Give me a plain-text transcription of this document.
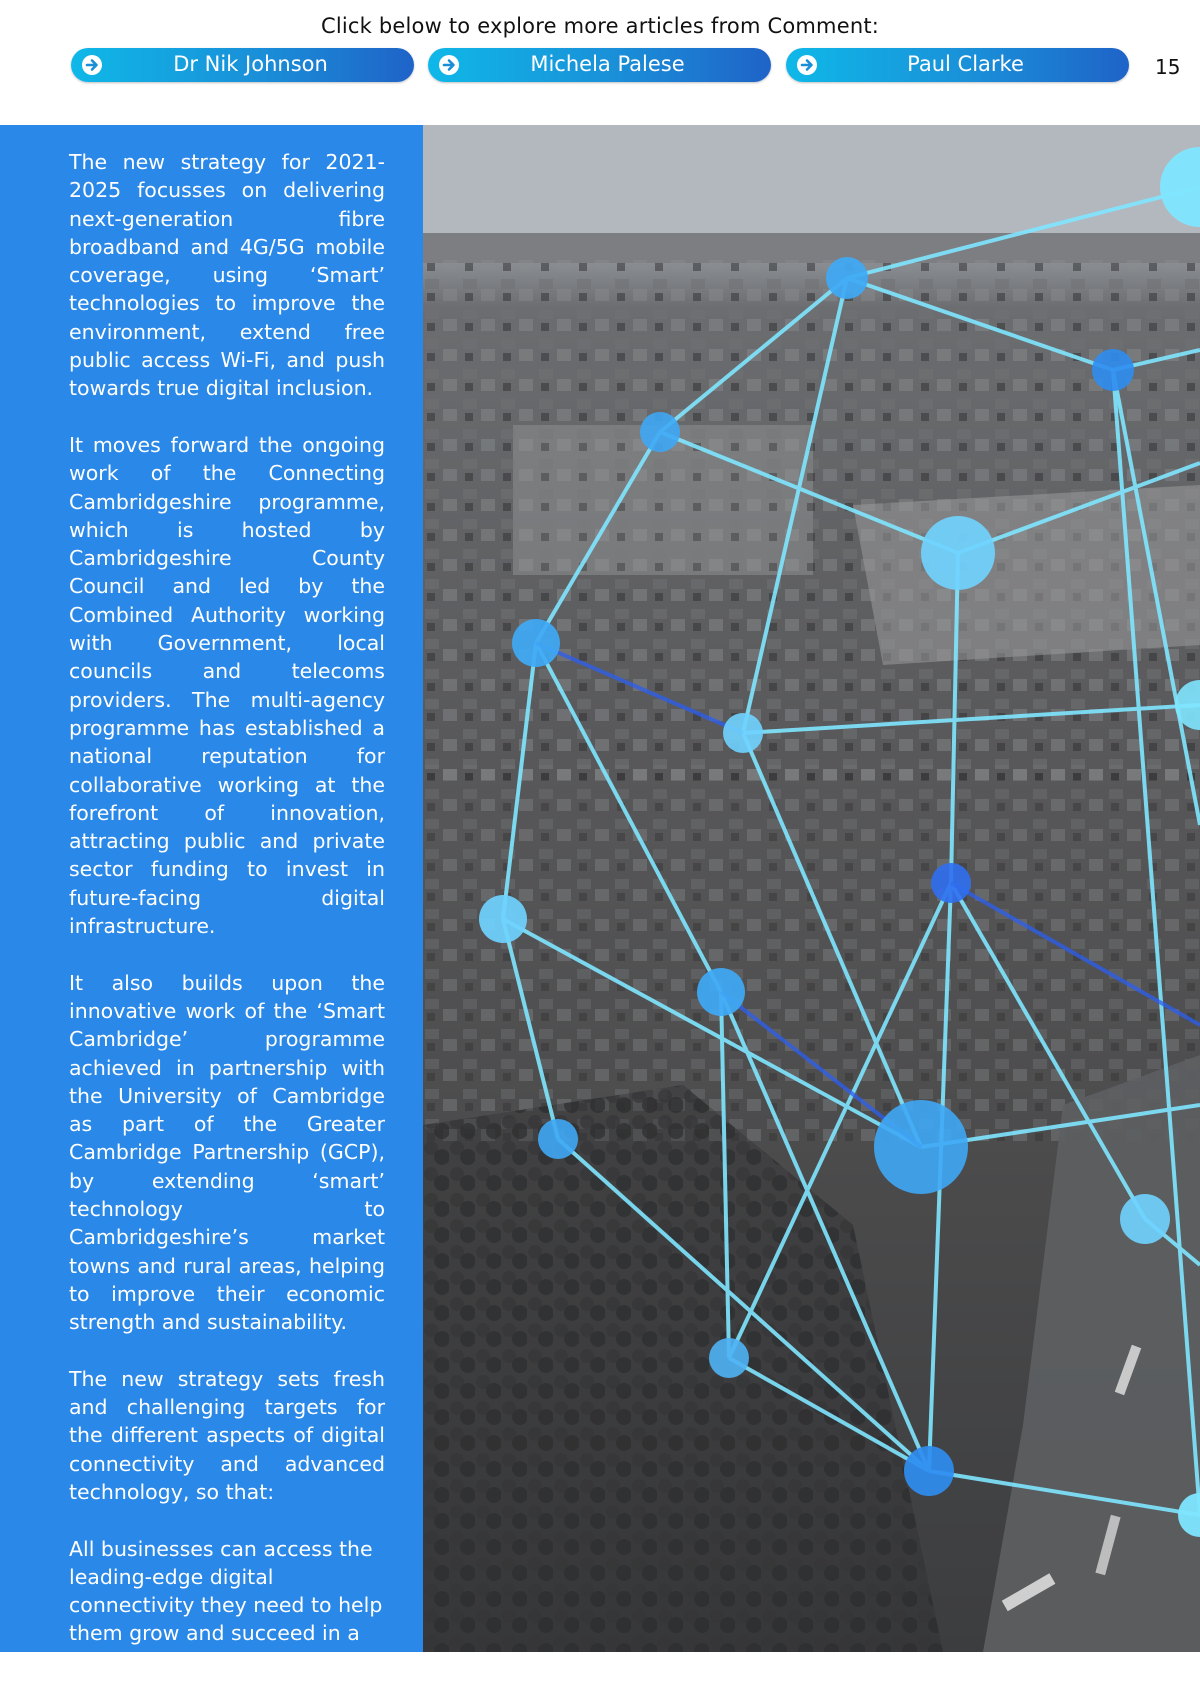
Click below to explore more articles from Comment:
Dr Nik Johnson	Michela Palese	Paul Clarke	15

The new strategy for 2021-2025 focusses on delivering next-generation fibre broadband and 4G/5G mobile coverage, using ‘Smart’ technologies to improve the environment, extend free public access Wi-Fi, and push towards true digital inclusion.

It moves forward the ongoing work of the Connecting Cambridgeshire programme, which is hosted by Cambridgeshire County Council and led by the Combined Authority working with Government, local councils and telecoms providers. The multi-agency programme has established a national reputation for collaborative working at the forefront of innovation, attracting public and private sector funding to invest in future-facing digital infrastructure.

It also builds upon the innovative work of the ‘Smart Cambridge’ programme achieved in partnership with the University of Cambridge as part of the Greater Cambridge Partnership (GCP), by extending ‘smart’ technology to Cambridgeshire’s market towns and rural areas, helping to improve their economic strength and sustainability.

The new strategy sets fresh and challenging targets for the different aspects of digital connectivity and advanced technology, so that:

All businesses can access the leading-edge digital connectivity they need to help them grow and succeed in a
